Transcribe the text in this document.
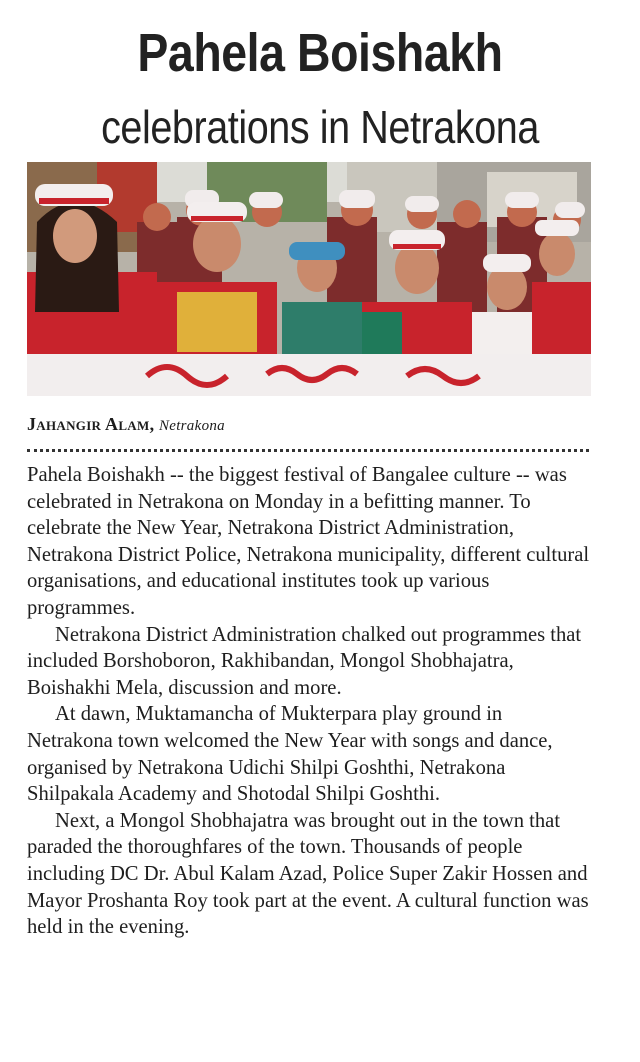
Pahela Boishakh
celebrations in Netrakona
Jahangir Alam, Netrakona

Pahela Boishakh -- the biggest festival of Bangalee culture -- was celebrated in Netrakona on Monday in a befitting manner. To celebrate the New Year, Netrakona District Administration, Netrakona District Police, Netrakona municipality, different cultural organisations, and educational institutes took up various programmes.

Netrakona District Administration chalked out programmes that included Borshoboron, Rakhibandan, Mongol Shobhajatra, Boishakhi Mela, discussion and more.

At dawn, Muktamancha of Mukterpara play ground in Netrakona town welcomed the New Year with songs and dance, organised by Netrakona Udichi Shilpi Goshthi, Netrakona Shilpakala Academy and Shotodal Shilpi Goshthi.

Next, a Mongol Shobhajatra was brought out in the town that paraded the thoroughfares of the town. Thousands of people including DC Dr. Abul Kalam Azad, Police Super Zakir Hossen and Mayor Proshanta Roy took part at the event. A cultural function was held in the evening.
